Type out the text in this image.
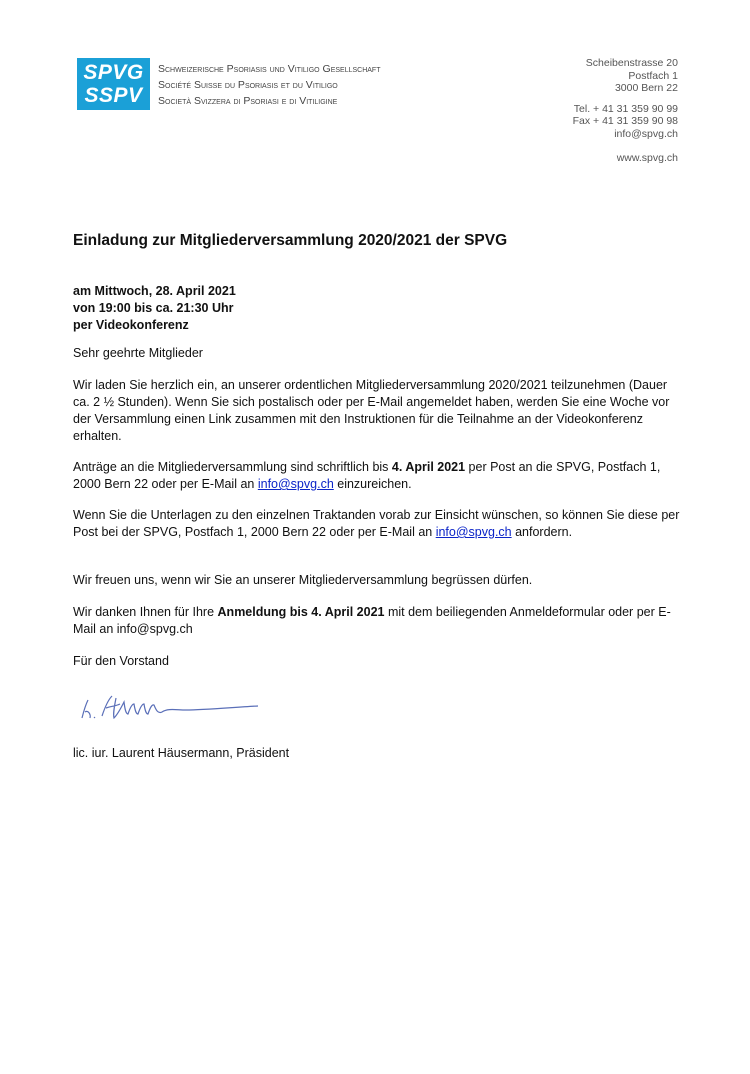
SPVG
SSPV
Schweizerische Psoriasis und Vitiligo Gesellschaft
Société Suisse du Psoriasis et du Vitiligo
Società Svizzera di Psoriasi e di Vitiligine
Scheibenstrasse 20
Postfach 1
3000 Bern 22
Tel. + 41 31 359 90 99
Fax + 41 31 359 90 98
info@spvg.ch
www.spvg.ch
Einladung zur Mitgliederversammlung 2020/2021 der SPVG
am Mittwoch, 28. April 2021
von 19:00 bis ca. 21:30 Uhr
per Videokonferenz
Sehr geehrte Mitglieder
Wir laden Sie herzlich ein, an unserer ordentlichen Mitgliederversammlung 2020/2021 teilzunehmen (Dauer ca. 2 ½ Stunden). Wenn Sie sich postalisch oder per E-Mail angemeldet haben, werden Sie eine Woche vor der Versammlung einen Link zusammen mit den Instruktionen für die Teilnahme an der Videokonferenz erhalten.
Anträge an die Mitgliederversammlung sind schriftlich bis 4. April 2021 per Post an die SPVG, Postfach 1, 2000 Bern 22 oder per E-Mail an info@spvg.ch einzureichen.
Wenn Sie die Unterlagen zu den einzelnen Traktanden vorab zur Einsicht wünschen, so können Sie diese per Post bei der SPVG, Postfach 1, 2000 Bern 22 oder per E-Mail an info@spvg.ch anfordern.
Wir freuen uns, wenn wir Sie an unserer Mitgliederversammlung begrüssen dürfen.
Wir danken Ihnen für Ihre Anmeldung bis 4. April 2021 mit dem beiliegenden Anmeldeformular oder per E-Mail an info@spvg.ch
Für den Vorstand
lic. iur. Laurent Häusermann, Präsident
